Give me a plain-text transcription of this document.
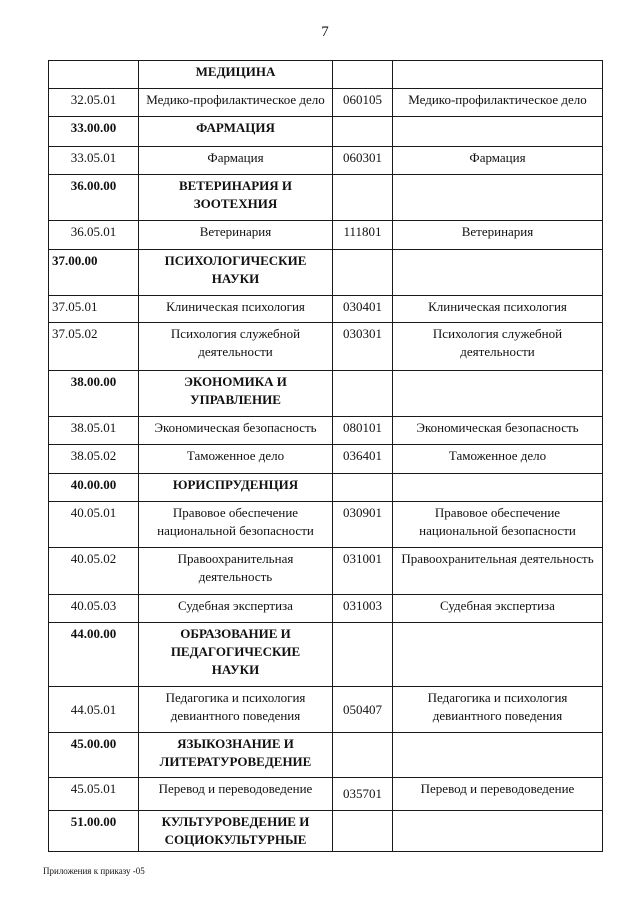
7
	МЕДИЦИНА		
32.05.01	Медико-профилактическое дело	060105	Медико-профилактическое дело
33.00.00	ФАРМАЦИЯ		
33.05.01	Фармация	060301	Фармация
36.00.00	ВЕТЕРИНАРИЯ И
ЗООТЕХНИЯ		
36.05.01	Ветеринария	111801	Ветеринария
37.00.00	ПСИХОЛОГИЧЕСКИЕ
НАУКИ		
37.05.01	Клиническая психология	030401	Клиническая психология
37.05.02	Психология служебной
деятельности	030301	Психология служебной
деятельности
38.00.00	ЭКОНОМИКА И
УПРАВЛЕНИЕ		
38.05.01	Экономическая безопасность	080101	Экономическая безопасность
38.05.02	Таможенное дело	036401	Таможенное дело
40.00.00	ЮРИСПРУДЕНЦИЯ		
40.05.01	Правовое обеспечение
национальной безопасности	030901	Правовое обеспечение
национальной безопасности
40.05.02	Правоохранительная
деятельность	031001	Правоохранительная деятельность
40.05.03	Судебная экспертиза	031003	Судебная экспертиза
44.00.00	ОБРАЗОВАНИЕ И
ПЕДАГОГИЧЕСКИЕ
НАУКИ		
44.05.01	Педагогика и психология
девиантного поведения	050407	Педагогика и психология
девиантного поведения
45.00.00	ЯЗЫКОЗНАНИЕ И
ЛИТЕРАТУРОВЕДЕНИЕ		
45.05.01	Перевод и переводоведение	035701	Перевод и переводоведение
51.00.00	КУЛЬТУРОВЕДЕНИЕ И
СОЦИОКУЛЬТУРНЫЕ		
Приложения к приказу -05
